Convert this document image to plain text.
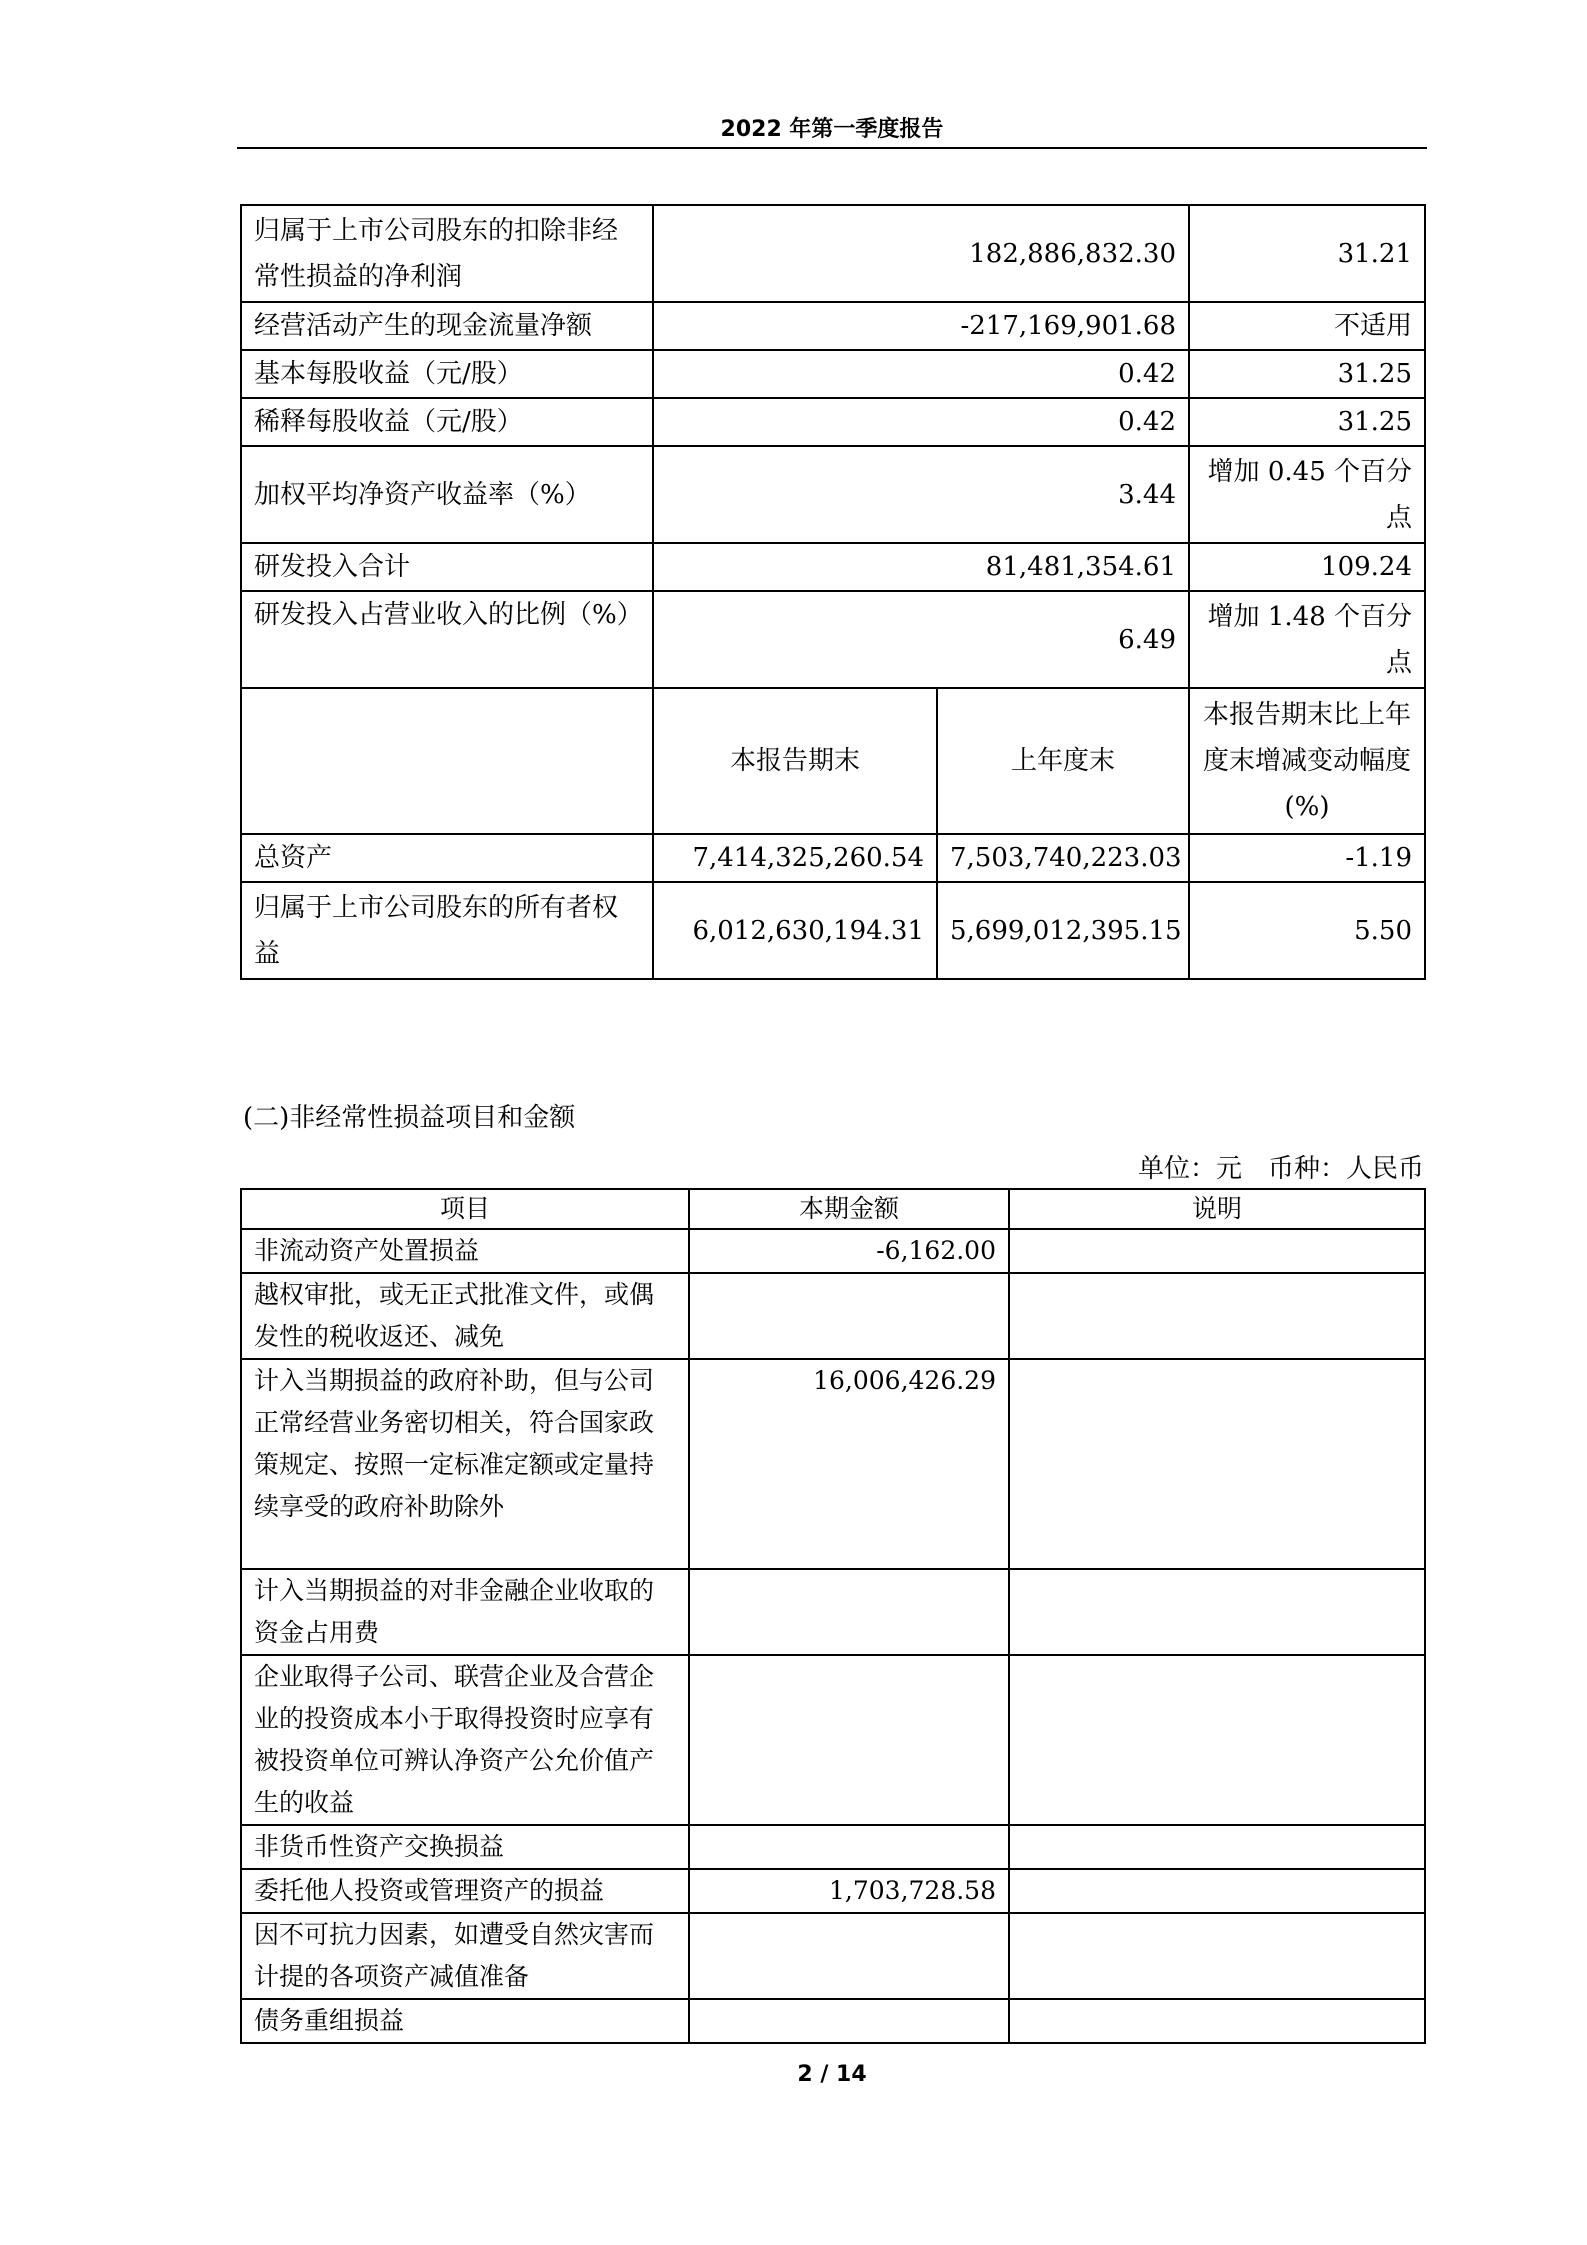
2022 年第一季度报告
归属于上市公司股东的扣除非经常性损益的净利润	182,886,832.30		31.21
经营活动产生的现金流量净额	-217,169,901.68		不适用
基本每股收益（元/股）	0.42		31.25
稀释每股收益（元/股）	0.42		31.25
加权平均净资产收益率（%）	3.44		增加 0.45 个百分点
研发投入合计	81,481,354.61		109.24
研发投入占营业收入的比例（%）	6.49		增加 1.48 个百分点
	本报告期末	上年度末	本报告期末比上年度末增减变动幅度(%)
总资产	7,414,325,260.54	7,503,740,223.03	-1.19
归属于上市公司股东的所有者权益	6,012,630,194.31	5,699,012,395.15	5.50
(二)非经常性损益项目和金额
单位：元　币种：人民币
项目	本期金额	说明
非流动资产处置损益	-6,162.00	
越权审批，或无正式批准文件，或偶发性的税收返还、减免		
计入当期损益的政府补助，但与公司正常经营业务密切相关，符合国家政策规定、按照一定标准定额或定量持续享受的政府补助除外	16,006,426.29	
计入当期损益的对非金融企业收取的资金占用费		
企业取得子公司、联营企业及合营企业的投资成本小于取得投资时应享有被投资单位可辨认净资产公允价值产生的收益		
非货币性资产交换损益		
委托他人投资或管理资产的损益	1,703,728.58	
因不可抗力因素，如遭受自然灾害而计提的各项资产减值准备		
债务重组损益		
2 / 14
